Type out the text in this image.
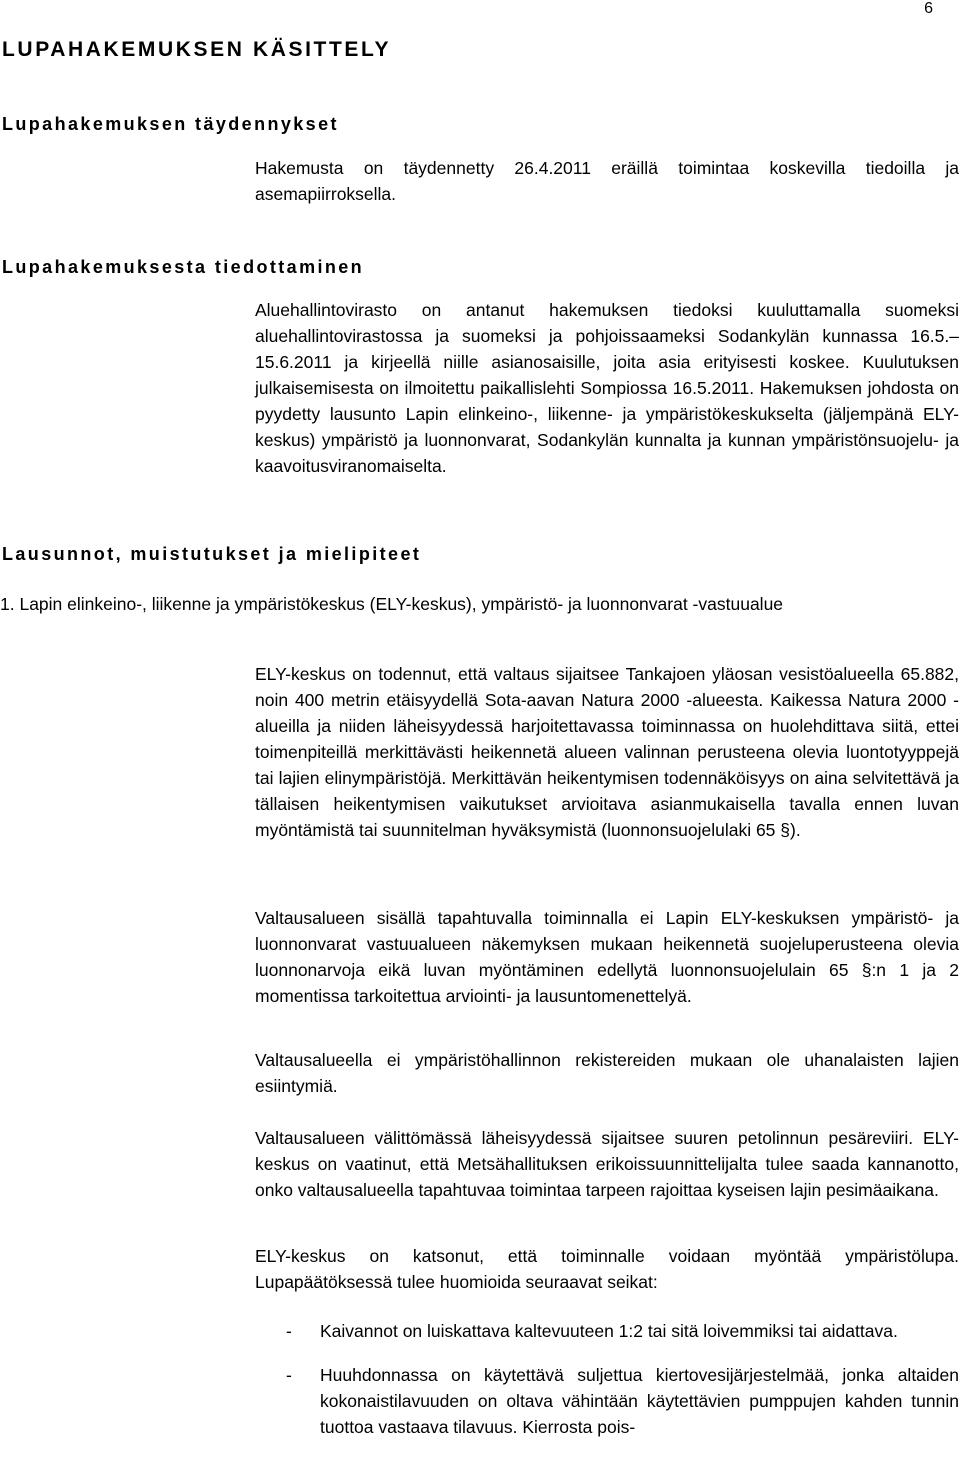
6
LUPAHAKEMUKSEN KÄSITTELY
Lupahakemuksen täydennykset

Hakemusta on täydennetty 26.4.2011 eräillä toimintaa koskevilla tiedoilla ja asemapiirroksella.

Lupahakemuksesta tiedottaminen

Aluehallintovirasto on antanut hakemuksen tiedoksi kuuluttamalla suomeksi aluehallintovirastossa ja suomeksi ja pohjoissaameksi Sodankylän kunnassa 16.5.–15.6.2011 ja kirjeellä niille asianosaisille, joita asia erityisesti koskee. Kuulutuksen julkaisemisesta on ilmoitettu paikallislehti Sompiossa 16.5.2011. Hakemuksen johdosta on pyydetty lausunto Lapin elinkeino-, liikenne- ja ympäristökeskukselta (jäljempänä ELY-keskus) ympäristö ja luonnonvarat, Sodankylän kunnalta ja kunnan ympäristönsuojelu- ja kaavoitusviranomaiselta.

Lausunnot, muistutukset ja mielipiteet

1. Lapin elinkeino-, liikenne ja ympäristökeskus (ELY-keskus), ympäristö- ja luonnonvarat -vastuualue

ELY-keskus on todennut, että valtaus sijaitsee Tankajoen yläosan vesistöalueella 65.882, noin 400 metrin etäisyydellä Sota-aavan Natura 2000 -alueesta. Kaikessa Natura 2000 -alueilla ja niiden läheisyydessä harjoitettavassa toiminnassa on huolehdittava siitä, ettei toimenpiteillä merkittävästi heikennetä alueen valinnan perusteena olevia luontotyyppejä tai lajien elinympäristöjä. Merkittävän heikentymisen todennäköisyys on aina selvitettävä ja tällaisen heikentymisen vaikutukset arvioitava asianmukaisella tavalla ennen luvan myöntämistä tai suunnitelman hyväksymistä (luonnonsuojelulaki 65 §).

Valtausalueen sisällä tapahtuvalla toiminnalla ei Lapin ELY-keskuksen ympäristö- ja luonnonvarat vastuualueen näkemyksen mukaan heikennetä suojeluperusteena olevia luonnonarvoja eikä luvan myöntäminen edellytä luonnonsuojelulain 65 §:n 1 ja 2 momentissa tarkoitettua arviointi- ja lausuntomenettelyä.

Valtausalueella ei ympäristöhallinnon rekistereiden mukaan ole uhanalaisten lajien esiintymiä.

Valtausalueen välittömässä läheisyydessä sijaitsee suuren petolinnun pesäreviiri. ELY-keskus on vaatinut, että Metsähallituksen erikoissuunnittelijalta tulee saada kannanotto, onko valtausalueella tapahtuvaa toimintaa tarpeen rajoittaa kyseisen lajin pesimäaikana.

ELY-keskus on katsonut, että toiminnalle voidaan myöntää ympäristölupa. Lupapäätöksessä tulee huomioida seuraavat seikat:

- Kaivannot on luiskattava kaltevuuteen 1:2 tai sitä loivemmiksi tai aidattava.
- Huuhdonnassa on käytettävä suljettua kiertovesijärjestelmää, jonka altaiden kokonaistilavuuden on oltava vähintään käytettävien pumppujen kahden tunnin tuottoa vastaava tilavuus. Kierrosta pois-
